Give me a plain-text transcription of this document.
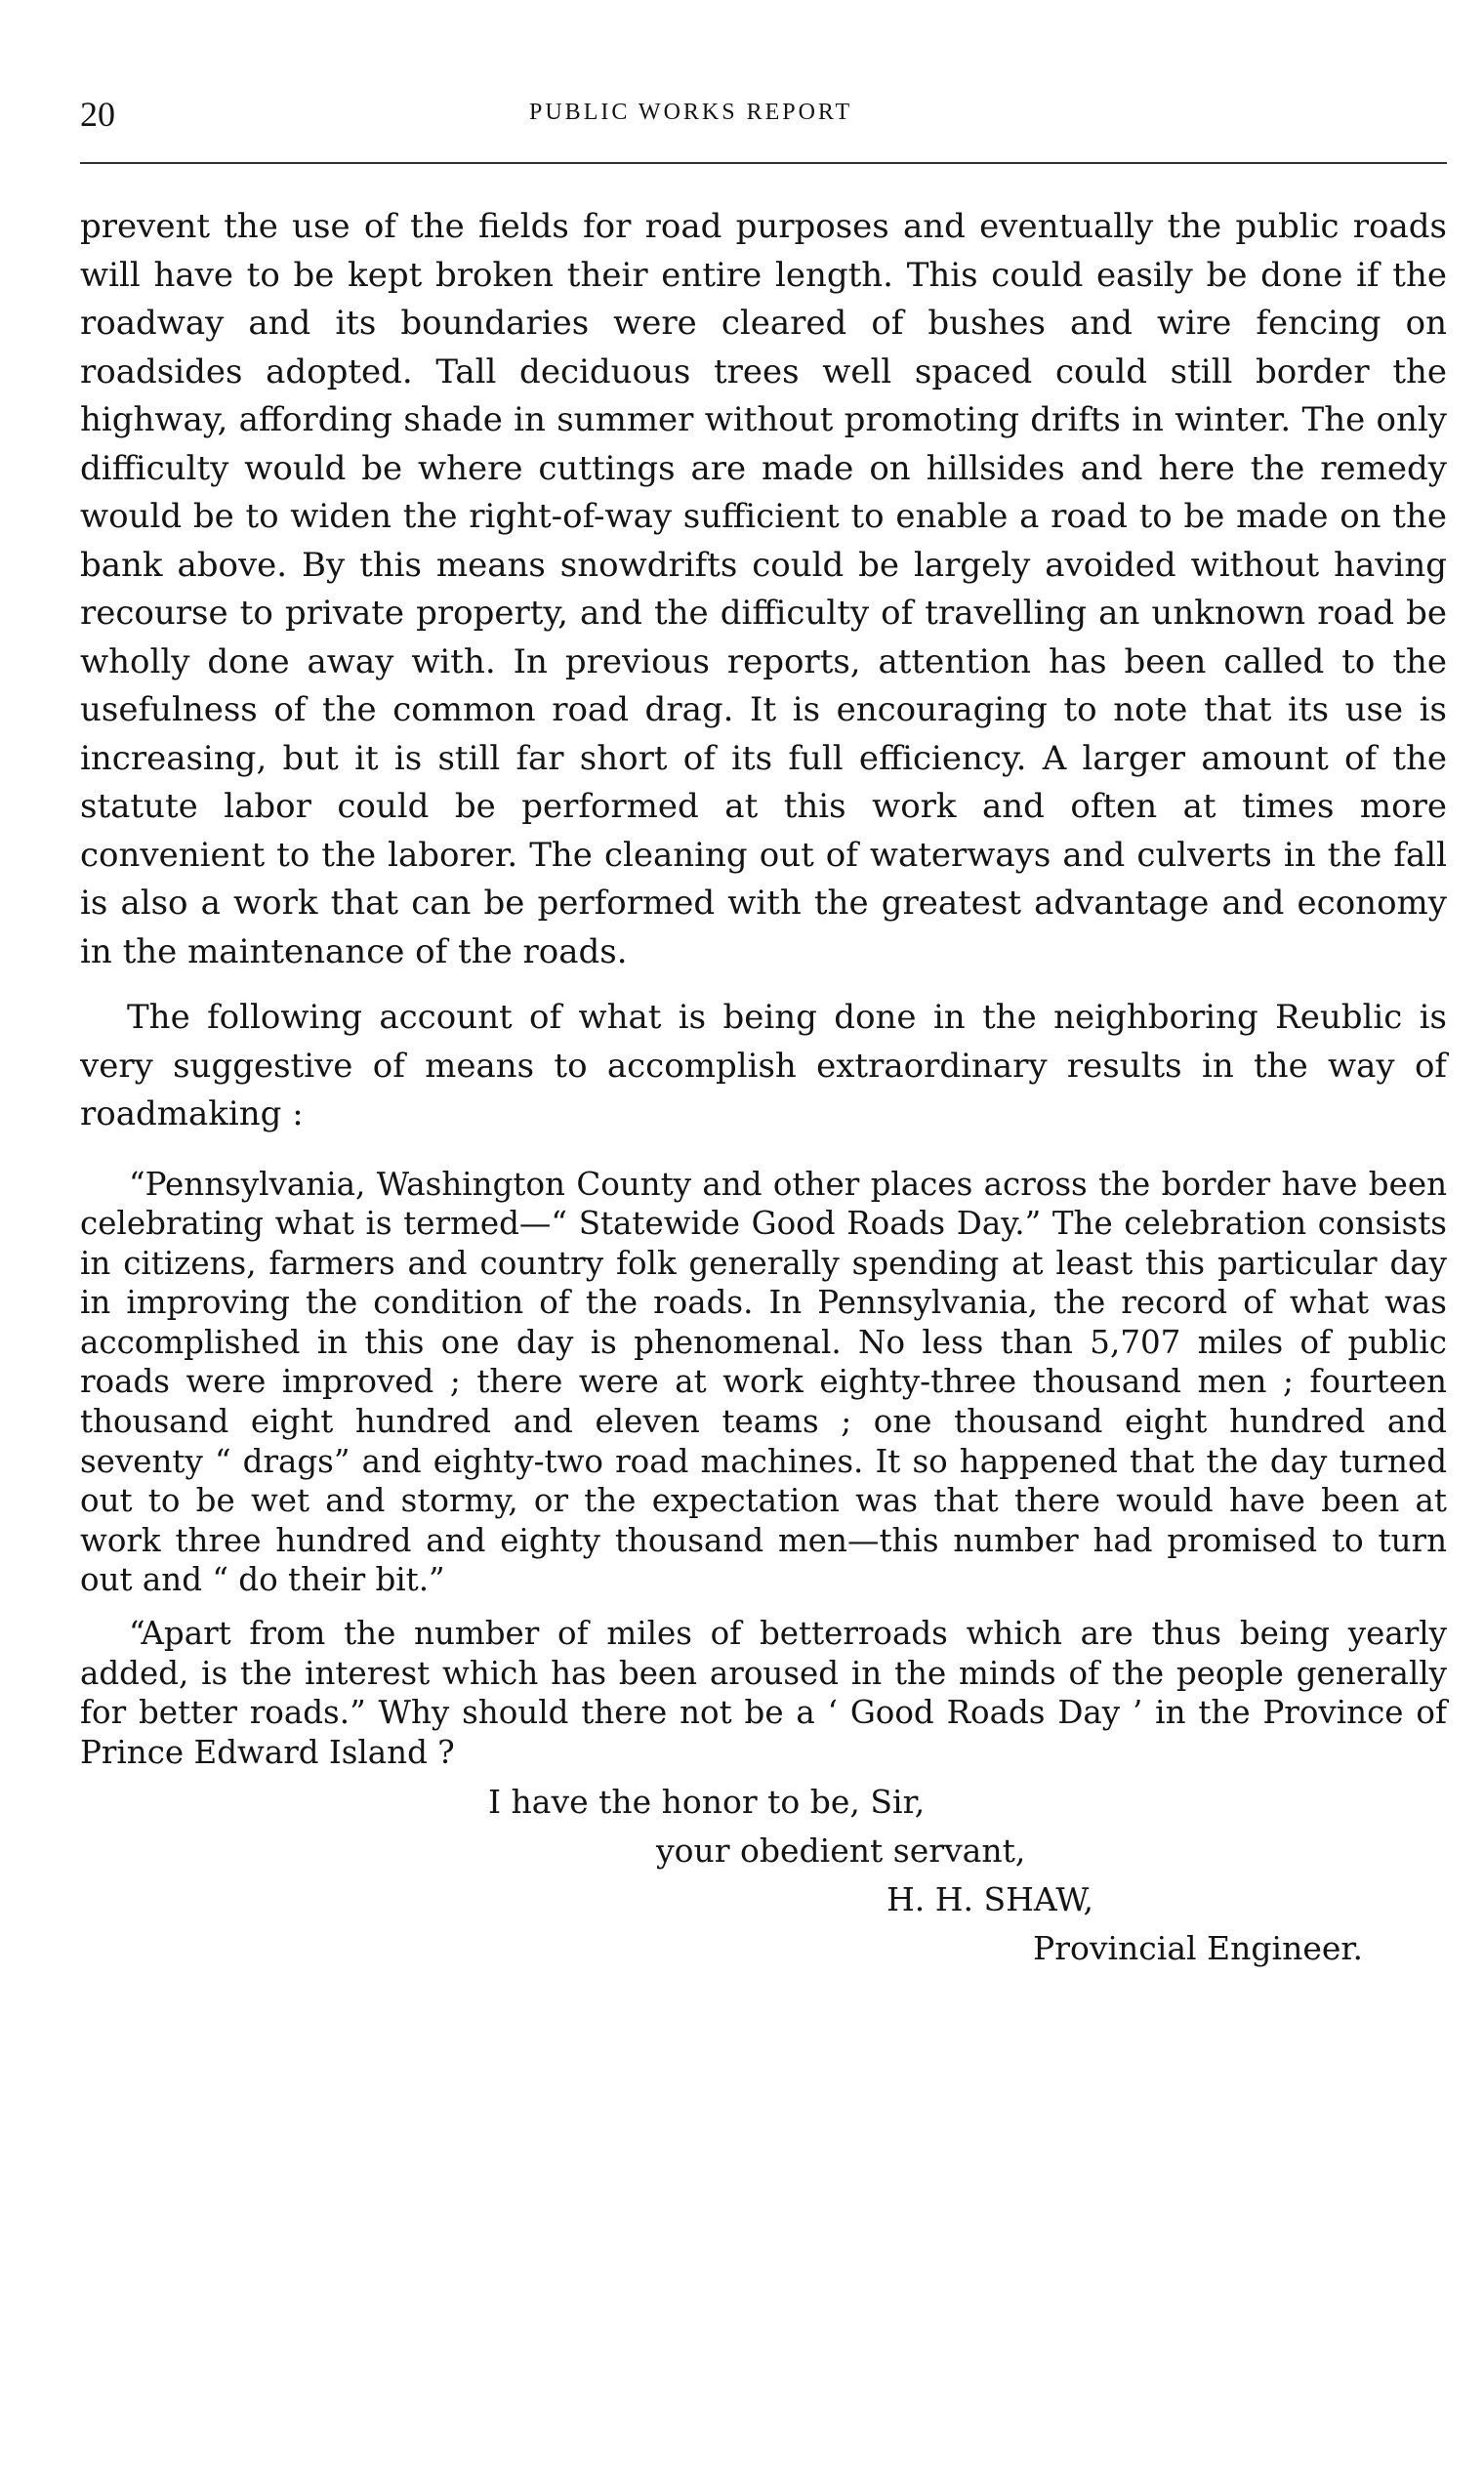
20	PUBLIC WORKS REPORT

prevent the use of the fields for road purposes and eventually the public roads will have to be kept broken their entire length. This could easily be done if the roadway and its boundaries were cleared of bushes and wire fencing on roadsides adopted. Tall deciduous trees well spaced could still border the highway, affording shade in summer without promoting drifts in winter. The only difficulty would be where cuttings are made on hillsides and here the remedy would be to widen the right-of-way sufficient to enable a road to be made on the bank above. By this means snowdrifts could be largely avoided without having recourse to private property, and the difficulty of travelling an unknown road be wholly done away with. In previous reports, attention has been called to the usefulness of the common road drag. It is encouraging to note that its use is increasing, but it is still far short of its full efficiency. A larger amount of the statute labor could be performed at this work and often at times more convenient to the laborer. The cleaning out of waterways and culverts in the fall is also a work that can be performed with the greatest advantage and economy in the maintenance of the roads.

The following account of what is being done in the neighboring Reublic is very suggestive of means to accomplish extraordinary results in the way of roadmaking :

“Pennsylvania, Washington County and other places across the border have been celebrating what is termed—“ Statewide Good Roads Day.” The celebration consists in citizens, farmers and country folk generally spending at least this particular day in improving the condition of the roads. In Pennsylvania, the record of what was accomplished in this one day is phenomenal. No less than 5,707 miles of public roads were improved ; there were at work eighty-three thousand men ; fourteen thousand eight hundred and eleven teams ; one thousand eight hundred and seventy “ drags” and eighty-two road machines. It so happened that the day turned out to be wet and stormy, or the expectation was that there would have been at work three hundred and eighty thousand men—this number had promised to turn out and “ do their bit.”

“Apart from the number of miles of betterroads which are thus being yearly added, is the interest which has been aroused in the minds of the people generally for better roads.” Why should there not be a ‘ Good Roads Day ’ in the Province of Prince Edward Island ?

I have the honor to be, Sir,
your obedient servant,
H. H. SHAW,
Provincial Engineer.
